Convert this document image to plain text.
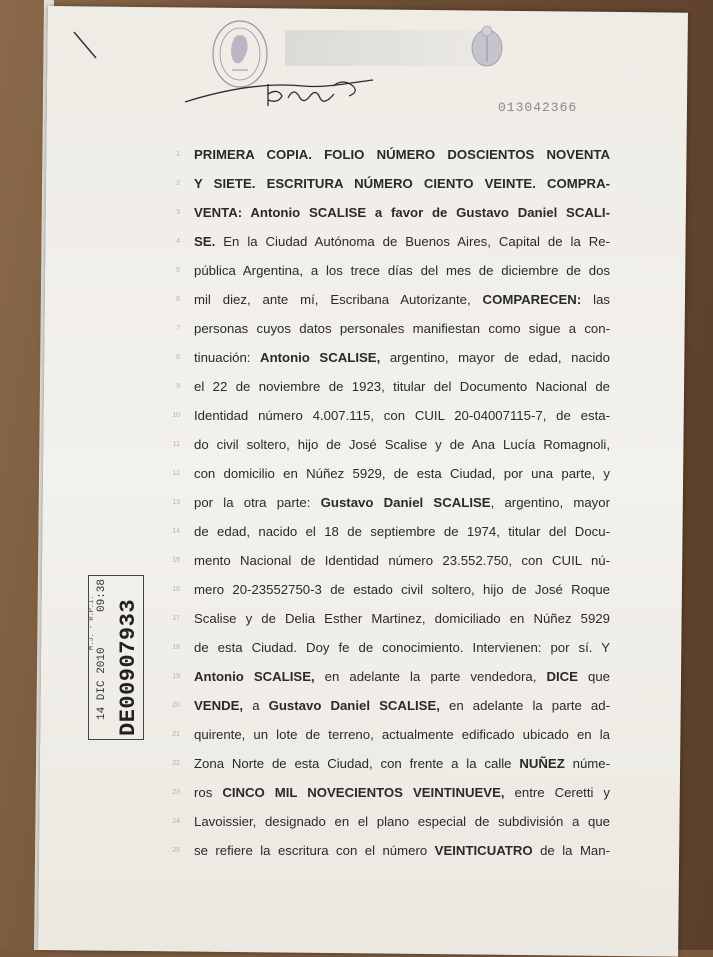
013042366
1 PRIMERA COPIA. FOLIO NÚMERO DOSCIENTOS NOVENTA
2 Y SIETE. ESCRITURA NÚMERO CIENTO VEINTE. COMPRA-
3 VENTA: Antonio SCALISE a favor de Gustavo Daniel SCALI-
4 SE. En la Ciudad Autónoma de Buenos Aires, Capital de la Re-
5 pública Argentina, a los trece días del mes de diciembre de dos
6 mil diez, ante mí, Escribana Autorizante, COMPARECEN: las
7 personas cuyos datos personales manifiestan como sigue a con-
8 tinuación: Antonio SCALISE, argentino, mayor de edad, nacido
9 el 22 de noviembre de 1923, titular del Documento Nacional de
10 Identidad número 4.007.115, con CUIL 20-04007115-7, de esta-
11 do civil soltero, hijo de José Scalise y de Ana Lucía Romagnoli,
12 con domicilio en Núñez 5929, de esta Ciudad, por una parte, y
13 por la otra parte: Gustavo Daniel SCALISE, argentino, mayor
14 de edad, nacido el 18 de septiembre de 1974, titular del Docu-
15 mento Nacional de Identidad número 23.552.750, con CUIL nú-
16 mero 20-23552750-3 de estado civil soltero, hijo de José Roque
17 Scalise y de Delia Esther Martinez, domiciliado en Núñez 5929
18 de esta Ciudad. Doy fe de conocimiento. Intervienen: por sí. Y
19 Antonio SCALISE, en adelante la parte vendedora, DICE que
20 VENDE, a Gustavo Daniel SCALISE, en adelante la parte ad-
21 quirente, un lote de terreno, actualmente edificado ubicado en la
22 Zona Norte de esta Ciudad, con frente a la calle NUÑEZ núme-
23 ros CINCO MIL NOVECIENTOS VEINTINUEVE, entre Ceretti y
24 Lavoissier, designado en el plano especial de subdivisión a que
25 se refiere la escritura con el número VEINTICUATRO de la Man-
14 DIC 2010
M.J. - R.P.I. 09:38
DE00907933
